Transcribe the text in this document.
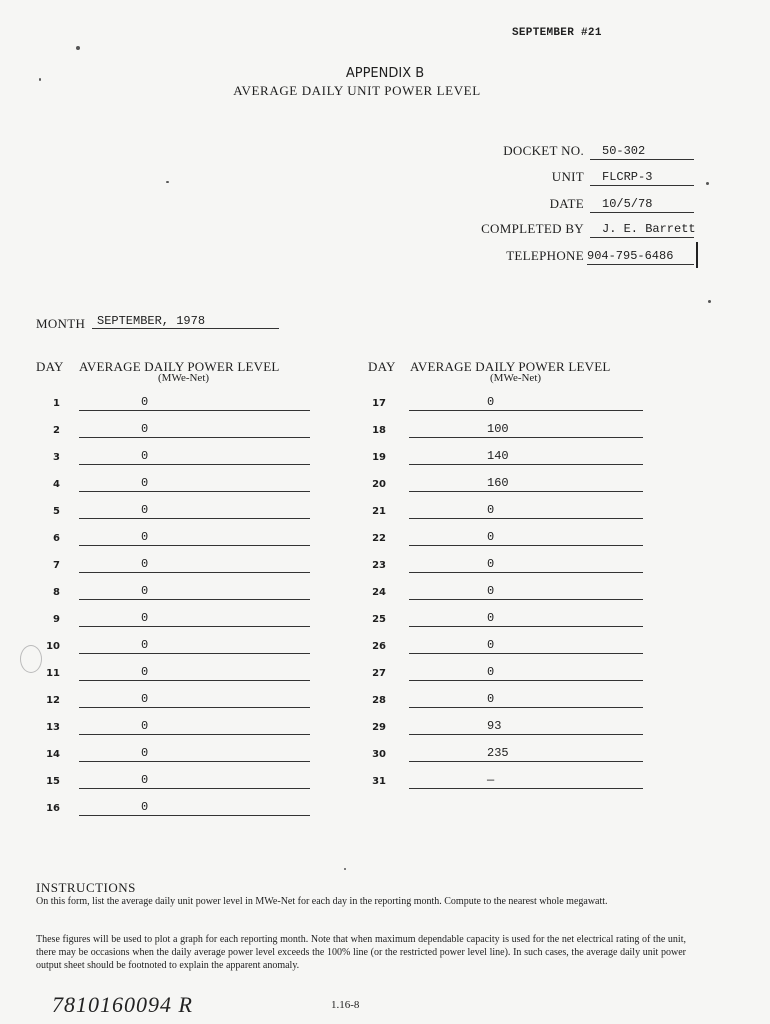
SEPTEMBER #21
APPENDIX B
AVERAGE DAILY UNIT POWER LEVEL
DOCKET NO. 50-302
UNIT FLCRP-3
DATE 10/5/78
COMPLETED BY J. E. Barrett
TELEPHONE 904-795-6486
MONTH SEPTEMBER, 1978
DAY AVERAGE DAILY POWER LEVEL
(MWe-Net)
DAY AVERAGE DAILY POWER LEVEL
(MWe-Net)
1	0
2	0
3	0
4	0
5	0
6	0
7	0
8	0
9	0
10	0
11	0
12	0
13	0
14	0
15	0
16	0
17	0
18	100
19	140
20	160
21	0
22	0
23	0
24	0
25	0
26	0
27	0
28	0
29	93
30	235
31	—
INSTRUCTIONS
On this form, list the average daily unit power level in MWe-Net for each day in the reporting month. Compute to the nearest whole megawatt.
These figures will be used to plot a graph for each reporting month. Note that when maximum dependable capacity is used for the net electrical rating of the unit, there may be occasions when the daily average power level exceeds the 100% line (or the restricted power level line). In such cases, the average daily unit power output sheet should be footnoted to explain the apparent anomaly.
7810160094 R	1.16-8
